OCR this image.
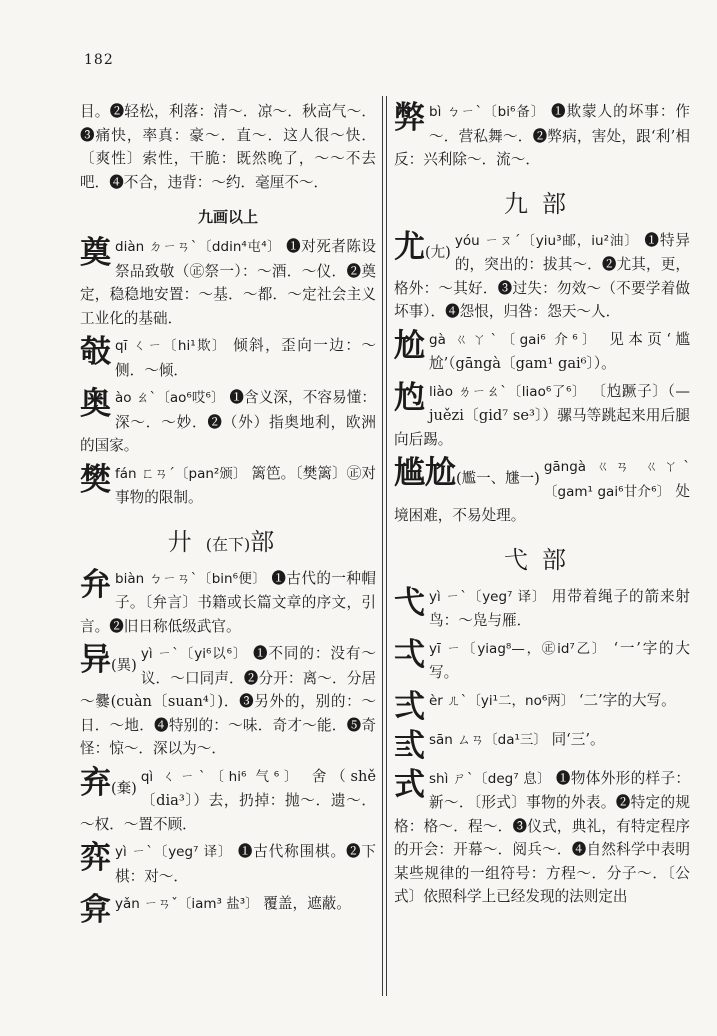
182

目。❷轻松，利落：清～．凉～．秋高气～．❸痛快，率真：豪～．直～．这人很～快．〔爽性〕索性，干脆：既然晚了，～～不去吧．❹不合，违背：～约．毫厘不～．

九画以上
奠 diàn ㄉㄧㄢˋ〔ddin⁴屯⁴〕 ❶对死者陈设祭品致敬（㊣祭一）：～酒．～仪．❷奠定，稳稳地安置：～基．～都．～定社会主义工业化的基础．
攲 qī ㄑㄧ〔hi¹欺〕 倾斜，歪向一边：～侧．～倾．
奥 ào ㄠˋ〔ao⁶哎⁶〕 ❶含义深，不容易懂：深～．～妙．❷（外）指奥地利，欧洲的国家。
樊 fán ㄈㄢˊ〔pan²颁〕 篱笆。〔樊篱〕㊣对事物的限制。
廾(在下)部
弁 biàn ㄅㄧㄢˋ〔bin⁶便〕 ❶古代的一种帽子。〔弁言〕书籍或长篇文章的序文，引言。❷旧日称低级武官。
异(異)
yì ㄧˋ〔yi⁶以⁶〕 ❶不同的：没有～议．～口同声．❷分开：离～．分居～爨(cuàn〔suan⁴〕)．❸另外的，别的：～日．～地．❹特别的：～味．奇才～能．❺奇怪：惊～．深以为～．
弃(棄)
qì ㄑㄧˋ〔hi⁶ 气⁶〕 舍（shě〔dia³〕）去，扔掉：抛～．遗～．～权．～置不顾．
弈 yì ㄧˋ〔yeg⁷ 译〕 ❶古代称围棋。❷下棋：对～．
弇 yǎn ㄧㄢˇ〔iam³ 盐³〕 覆盖，遮蔽。
弊 bì ㄅㄧˋ〔bi⁶备〕 ❶欺蒙人的坏事：作～．营私舞～．❷弊病，害处，跟‘利’相反：兴利除～．流～．
九部
尤(尢)
yóu ㄧㄡˊ〔yiu³邮，iu²油〕 ❶特异的，突出的：拔其～．❷尤其，更，格外：～其好．❸过失：勿效～（不要学着做坏事）．❹怨恨，归咎：怨天～人．
尬 gà ㄍㄚˋ〔gai⁶ 介⁶〕 见本页‘尴尬’（gāngà〔gam¹ gai⁶〕）。
尥 liào ㄌㄧㄠˋ〔liao⁶了⁶〕 〔尥蹶子〕（—juězi〔gid⁷ se³〕）骡马等跳起来用后腿向后踢。
尴尬(尷一、尲一)
gāngà ㄍㄢ ㄍㄚˋ〔gam¹ gai⁶甘介⁶〕 处境困难，不易处理。
弋部
弋 yì ㄧˋ〔yeg⁷ 译〕 用带着绳子的箭来射鸟：～凫与雁．
弌 yī ㄧ〔yiag⁸—，㊣id⁷乙〕 ‘一’字的大写。
弍 èr ㄦˋ〔yi¹二，no⁶两〕 ‘二’字的大写。
弎 sān ㄙㄢ〔da¹三〕 同‘三’。
式 shì ㄕˋ〔deg⁷ 息〕 ❶物体外形的样子：新～．〔形式〕事物的外表。❷特定的规格：格～．程～．❸仪式，典礼，有特定程序的开会：开幕～．阅兵～．❹自然科学中表明某些规律的一组符号：方程～．分子～．〔公式〕依照科学上已经发现的法则定出
